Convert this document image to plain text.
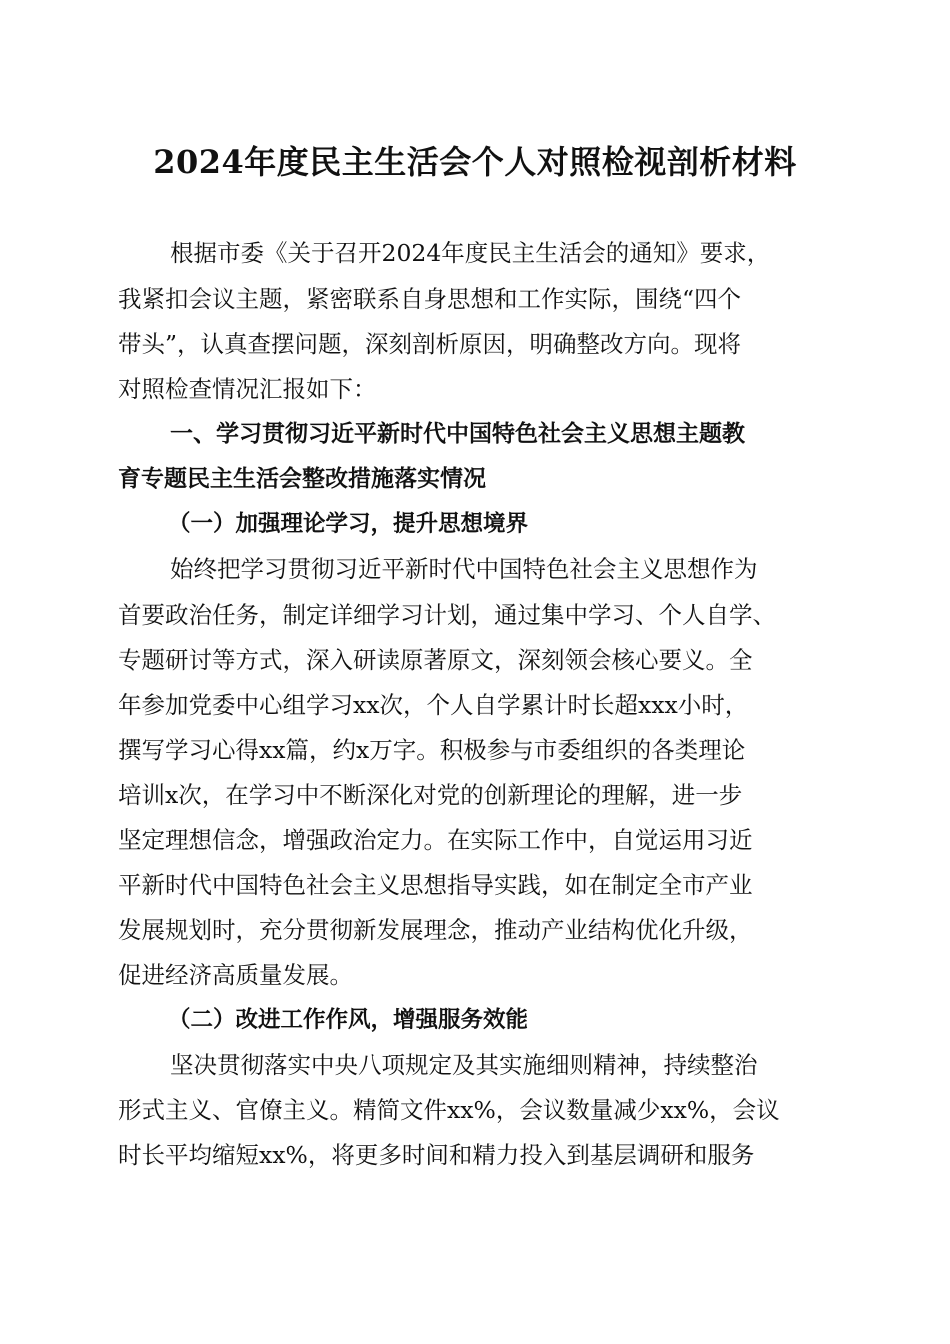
2024年度民主生活会个人对照检视剖析材料
根据市委《关于召开2024年度民主生活会的通知》要求，
我紧扣会议主题，紧密联系自身思想和工作实际，围绕“四个
带头”，认真查摆问题，深刻剖析原因，明确整改方向。现将
对照检查情况汇报如下：
一、学习贯彻习近平新时代中国特色社会主义思想主题教
育专题民主生活会整改措施落实情况
（一）加强理论学习，提升思想境界
始终把学习贯彻习近平新时代中国特色社会主义思想作为
首要政治任务，制定详细学习计划，通过集中学习、个人自学、
专题研讨等方式，深入研读原著原文，深刻领会核心要义。全
年参加党委中心组学习xx次，个人自学累计时长超xxx小时，
撰写学习心得xx篇，约x万字。积极参与市委组织的各类理论
培训x次，在学习中不断深化对党的创新理论的理解，进一步
坚定理想信念，增强政治定力。在实际工作中，自觉运用习近
平新时代中国特色社会主义思想指导实践，如在制定全市产业
发展规划时，充分贯彻新发展理念，推动产业结构优化升级，
促进经济高质量发展。
（二）改进工作作风，增强服务效能
坚决贯彻落实中央八项规定及其实施细则精神，持续整治
形式主义、官僚主义。精简文件xx%，会议数量减少xx%，会议
时长平均缩短xx%，将更多时间和精力投入到基层调研和服务
